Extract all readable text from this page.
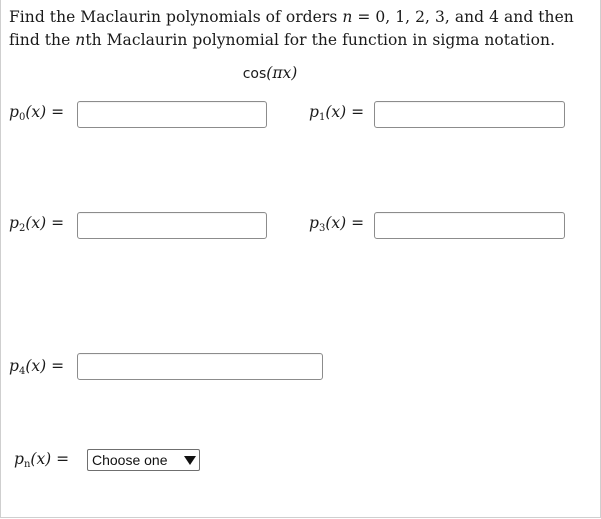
Find the Maclaurin polynomials of orders n = 0, 1, 2, 3, and 4 and then
find the nth Maclaurin polynomial for the function in sigma notation.
cos(πx)
$p_0(x)$ =	$p_1(x)$ =
$p_2(x)$ =	$p_3(x)$ =
$p_4(x)$ =
$p_n(x)$ =	Choose one
